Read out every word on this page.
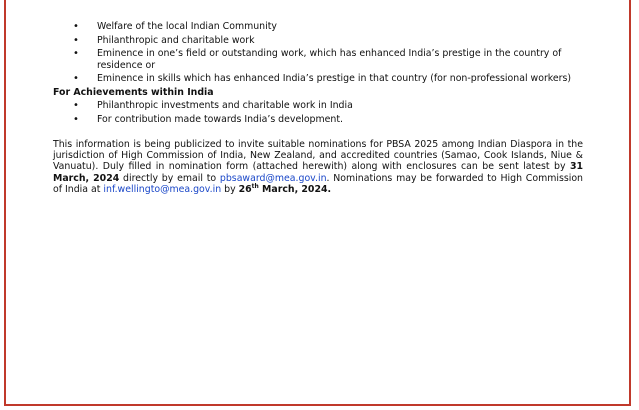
• Welfare of the local Indian Community
• Philanthropic and charitable work
• Eminence in one’s field or outstanding work, which has enhanced India’s prestige in the country of residence or
• Eminence in skills which has enhanced India’s prestige in that country (for non-professional workers)
For Achievements within India
• Philanthropic investments and charitable work in India
• For contribution made towards India’s development.
This information is being publicized to invite suitable nominations for PBSA 2025 among Indian Diaspora in the jurisdiction of High Commission of India, New Zealand, and accredited countries (Samao, Cook Islands, Niue & Vanuatu). Duly filled in nomination form (attached herewith) along with enclosures can be sent latest by 31 March, 2024 directly by email to pbsaward@mea.gov.in. Nominations may be forwarded to High Commission of India at inf.wellingto@mea.gov.in by 26th March, 2024.
